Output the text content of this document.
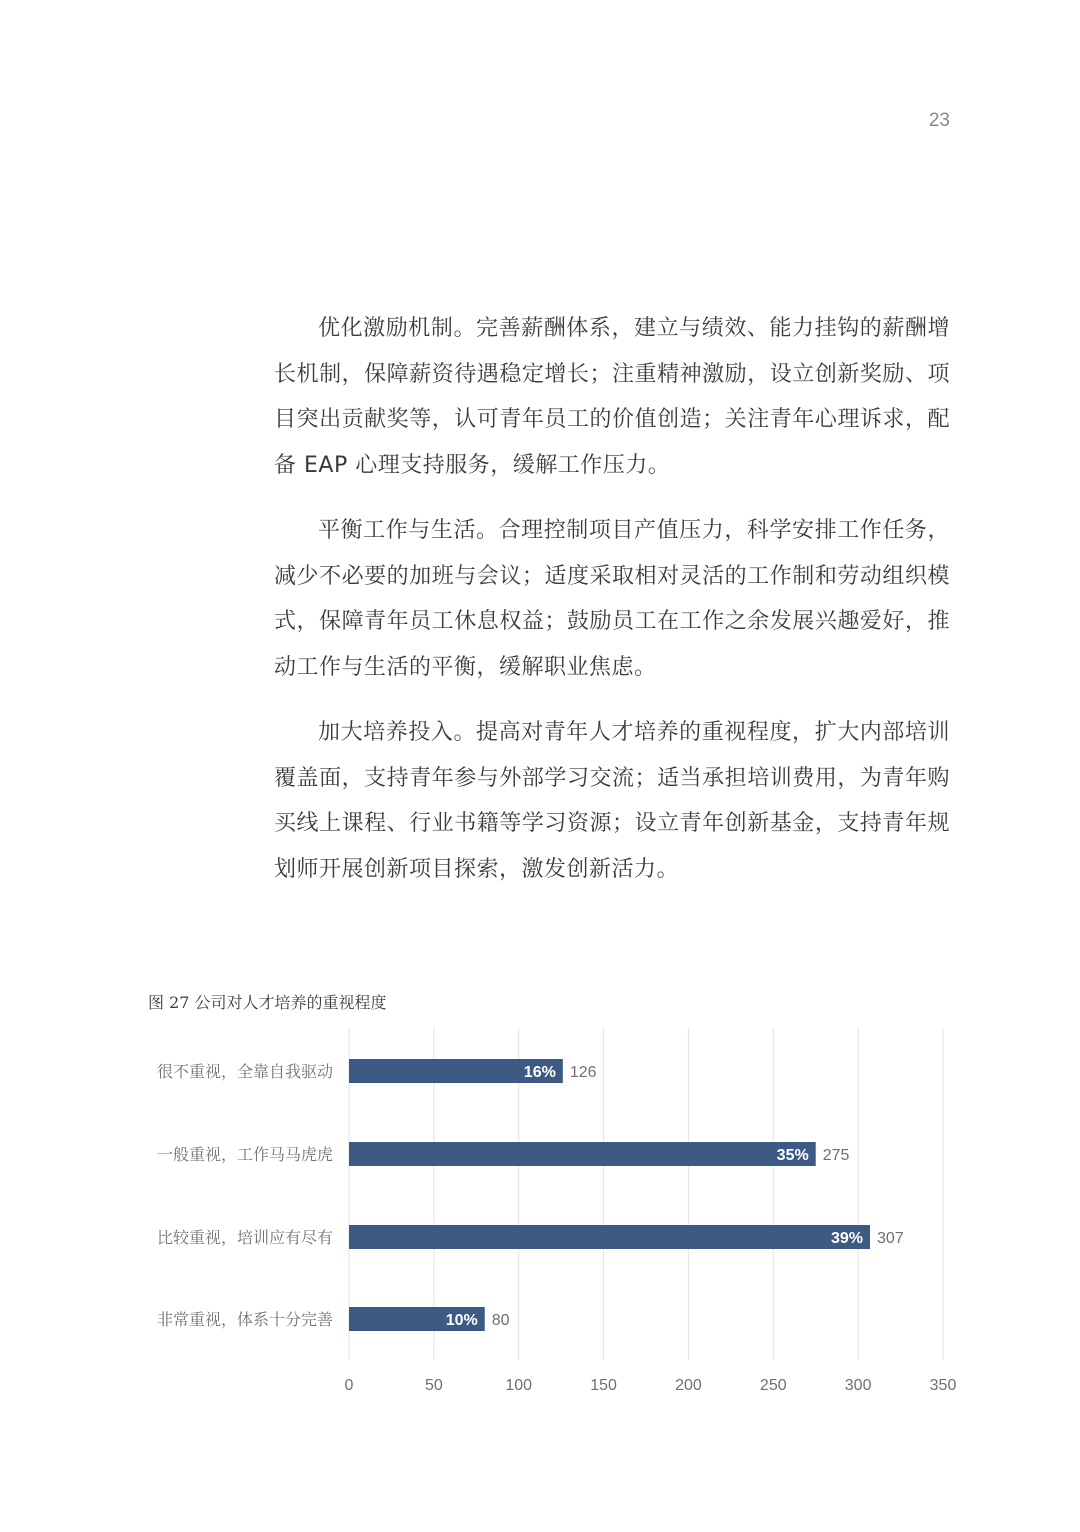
23

优化激励机制。完善薪酬体系，建立与绩效、能力挂钩的薪酬增长机制，保障薪资待遇稳定增长；注重精神激励，设立创新奖励、项目突出贡献奖等，认可青年员工的价值创造；关注青年心理诉求，配备 EAP 心理支持服务，缓解工作压力。

平衡工作与生活。合理控制项目产值压力，科学安排工作任务，减少不必要的加班与会议；适度采取相对灵活的工作制和劳动组织模式，保障青年员工休息权益；鼓励员工在工作之余发展兴趣爱好，推动工作与生活的平衡，缓解职业焦虑。

加大培养投入。提高对青年人才培养的重视程度，扩大内部培训覆盖面，支持青年参与外部学习交流；适当承担培训费用，为青年购买线上课程、行业书籍等学习资源；设立青年创新基金，支持青年规划师开展创新项目探索，激发创新活力。

图 27 公司对人才培养的重视程度
0	50	100	150	200	250	300	350
很不重视，全靠自我驱动	16% 126
一般重视，工作马马虎虎	35% 275
比较重视，培训应有尽有	39% 307
非常重视，体系十分完善	10% 80
